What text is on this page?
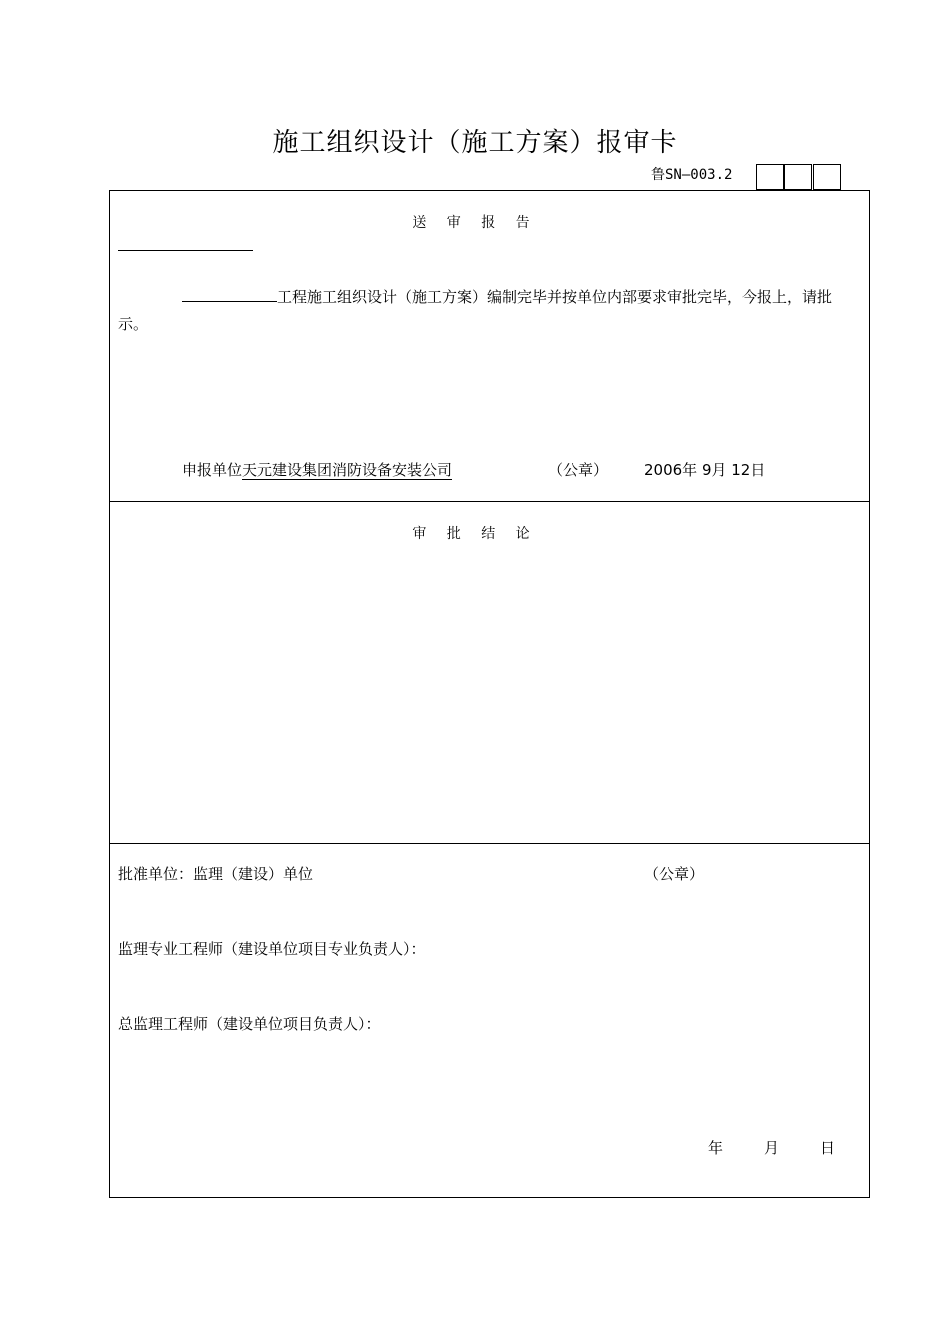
施工组织设计（施工方案）报审卡
鲁SN—003.2
送 审 报 告
工程施工组织设计（施工方案）编制完毕并按单位内部要求审批完毕，今报上，请批
示。
申报单位天元建设集团消防设备安装公司	（公章） 2006年 9月 12日
审 批 结 论
批准单位：监理（建设）单位	（公章）
监理专业工程师（建设单位项目专业负责人）：
总监理工程师（建设单位项目负责人）：
年	月	日
